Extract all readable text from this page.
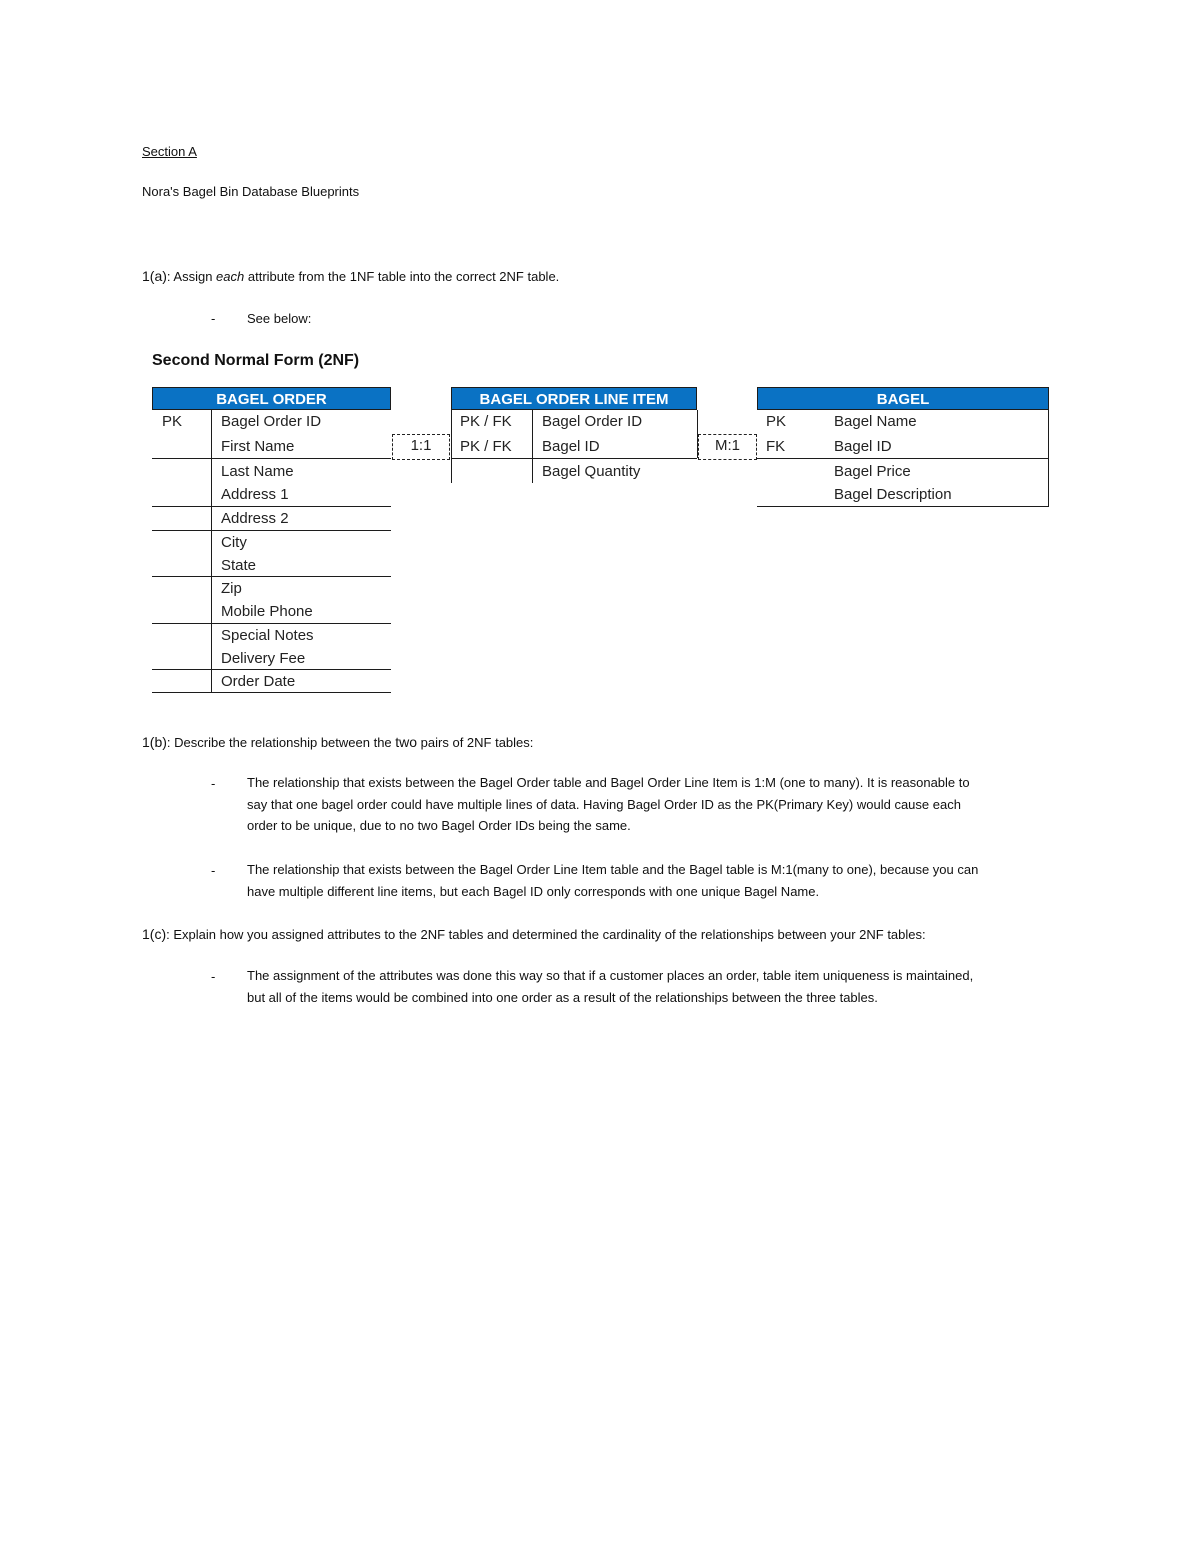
Section A
Nora's Bagel Bin Database Blueprints
1(a): Assign each attribute from the 1NF table into the correct 2NF table.
- See below:
Second Normal Form (2NF)
BAGEL ORDER
PK	Bagel Order ID
First Name
Last Name
Address 1
Address 2
City
State
Zip
Mobile Phone
Special Notes
Delivery Fee
Order Date
1:1
BAGEL ORDER LINE ITEM
PK / FK
PK / FK
Bagel Order ID
Bagel ID
Bagel Quantity
M:1
BAGEL
PK
FK
Bagel Name
Bagel ID
Bagel Price
Bagel Description
1(b): Describe the relationship between the two pairs of 2NF tables:
- The relationship that exists between the Bagel Order table and Bagel Order Line Item is 1:M (one to many). It is reasonable to
say that one bagel order could have multiple lines of data. Having Bagel Order ID as the PK(Primary Key) would cause each
order to be unique, due to no two Bagel Order IDs being the same.
- The relationship that exists between the Bagel Order Line Item table and the Bagel table is M:1(many to one), because you can
have multiple different line items, but each Bagel ID only corresponds with one unique Bagel Name.
1(c): Explain how you assigned attributes to the 2NF tables and determined the cardinality of the relationships between your 2NF tables:
- The assignment of the attributes was done this way so that if a customer places an order, table item uniqueness is maintained,
but all of the items would be combined into one order as a result of the relationships between the three tables.
